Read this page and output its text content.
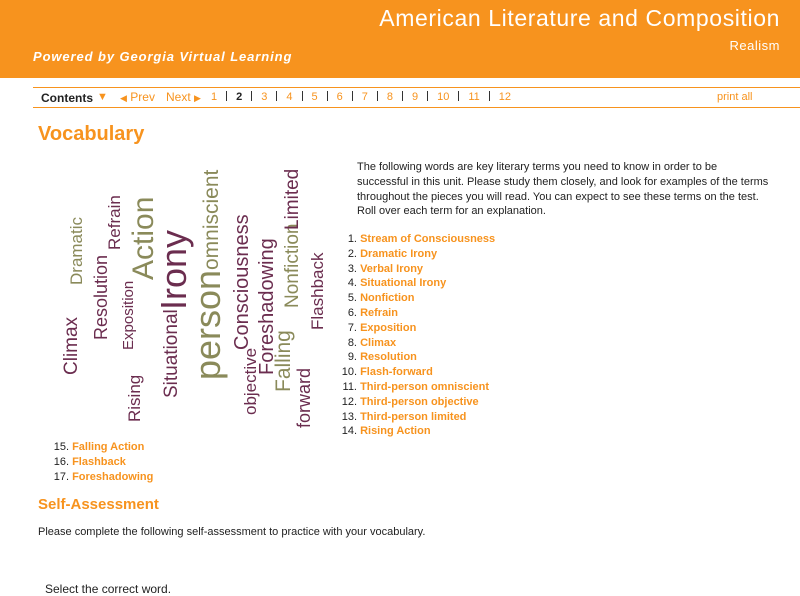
American Literature and Composition
Realism
Powered by Georgia Virtual Learning
Contents ▼ ◀ Prev Next ▶ 1 2 3 4 5 6 7 8 9 10 11 12	print all
Vocabulary
Climax
Dramatic
Resolution
Refrain
Rising
Exposition
Action
Situational
Irony
person
omniscient
objective
Consciousness Foreshadowing
Falling
Nonfiction
Limited
forward
Flashback

The following words are key literary terms you need to know in order to be successful in this unit. Please study them closely, and look for examples of the terms throughout the pieces you will read. You can expect to see these terms on the test. Roll over each term for an explanation.

1. Stream of Consciousness
2. Dramatic Irony
3. Verbal Irony
4. Situational Irony
5. Nonfiction
6. Refrain
7. Exposition
8. Climax
9. Resolution
10. Flash-forward
11. Third-person omniscient
12. Third-person objective
13. Third-person limited
14. Rising Action
15. Falling Action
16. Flashback
17. Foreshadowing
Self-Assessment

Please complete the following self-assessment to practice with your vocabulary.

Select the correct word.
